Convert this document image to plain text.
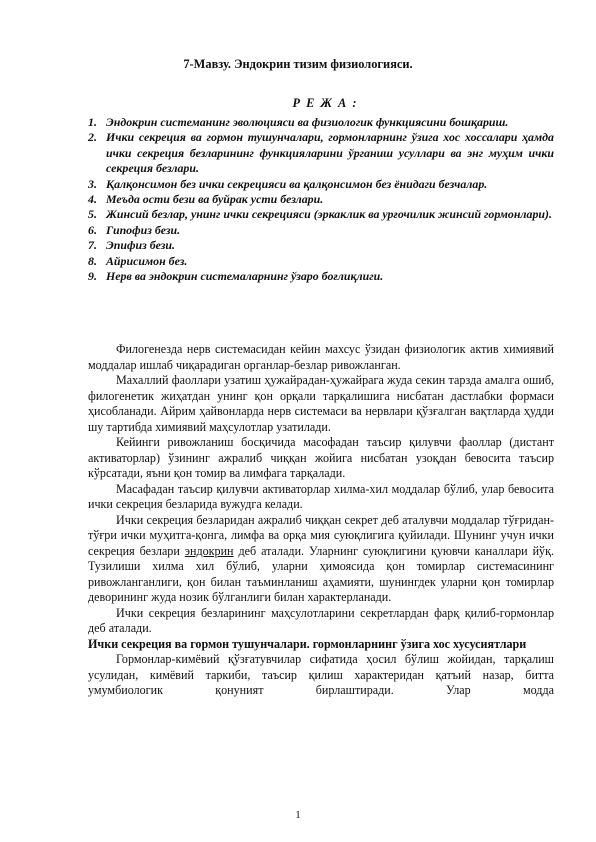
7-Мавзу. Эндокрин тизим физиологияси.
Р Е Ж А :
1. Эндокрин системанинг эволюцияси ва физиологик функциясини бошқариш.
2. Ички секреция ва гормон тушунчалари, гормонларнинг ўзига хос хоссалари ҳамда ички секреция безларининг функцияларини ўрганиш усуллари ва энг муҳим ички секреция безлари.
3. Қалқонсимон без ички секрецияси ва қалқонсимон без ёнидаги безчалар.
4. Меъда ости бези ва буйрак усти безлари.
5. Жинсий безлар, унинг ички секрецияси (эркаклик ва урғочилик жинсий гормонлари).
6. Гипофиз бези.
7. Эпифиз бези.
8. Айрисимон без.
9. Нерв ва эндокрин системаларнинг ўзаро боғлиқлиги.

Филогенезда нерв системасидан кейин махсус ўзидан физиологик актив химиявий моддалар ишлаб чиқарадиган органлар-безлар ривожланган.

Махаллий фаоллари узатиш ҳужайрадан-ҳужайрага жуда секин тарзда амалга ошиб, филогенетик жиҳатдан унинг қон орқали тарқалишига нисбатан дастлабки формаси ҳисобланади. Айрим ҳайвонларда нерв системаси ва нервлари қўзғалган вақтларда ҳудди шу тартибда химиявий маҳсулотлар узатилади.

Кейинги ривожланиш босқичида масофадан таъсир қилувчи фаоллар (дистант активаторлар) ўзининг ажралиб чиққан жойига нисбатан узоқдан бевосита таъсир кўрсатади, яъни қон томир ва лимфага тарқалади.

Масафадан таъсир қилувчи активаторлар хилма-хил моддалар бўлиб, улар бевосита ички секреция безларида вужудга келади.

Ички секреция безларидан ажралиб чиққан секрет деб аталувчи моддалар тўғридан-тўғри ички муҳитга-қонга, лимфа ва орқа мия суюқлигига қуйилади. Шунинг учун ички секреция безлари эндокрин деб аталади. Уларнинг суюқлигини қуювчи каналлари йўқ. Тузилиши хилма хил бўлиб, уларни ҳимоясида қон томирлар системасининг ривожланганлиги, қон билан таъминланиш аҳамияти, шунингдек уларни қон томирлар деворининг жуда нозик бўлганлиги билан характерланади.

Ички секреция безларининг маҳсулотларини секретлардан фарқ қилиб-гормонлар деб аталади.

Ички секреция ва гормон тушунчалари. гормонларнинг ўзига хос хусусиятлари

Гормонлар-кимёвий қўзғатувчилар сифатида ҳосил бўлиш жойидан, тарқалиш усулидан, кимёвий таркиби, таъсир қилиш характеридан қатъий назар, битта умумбиологик қонуният бирлаштиради. Улар модда

1
